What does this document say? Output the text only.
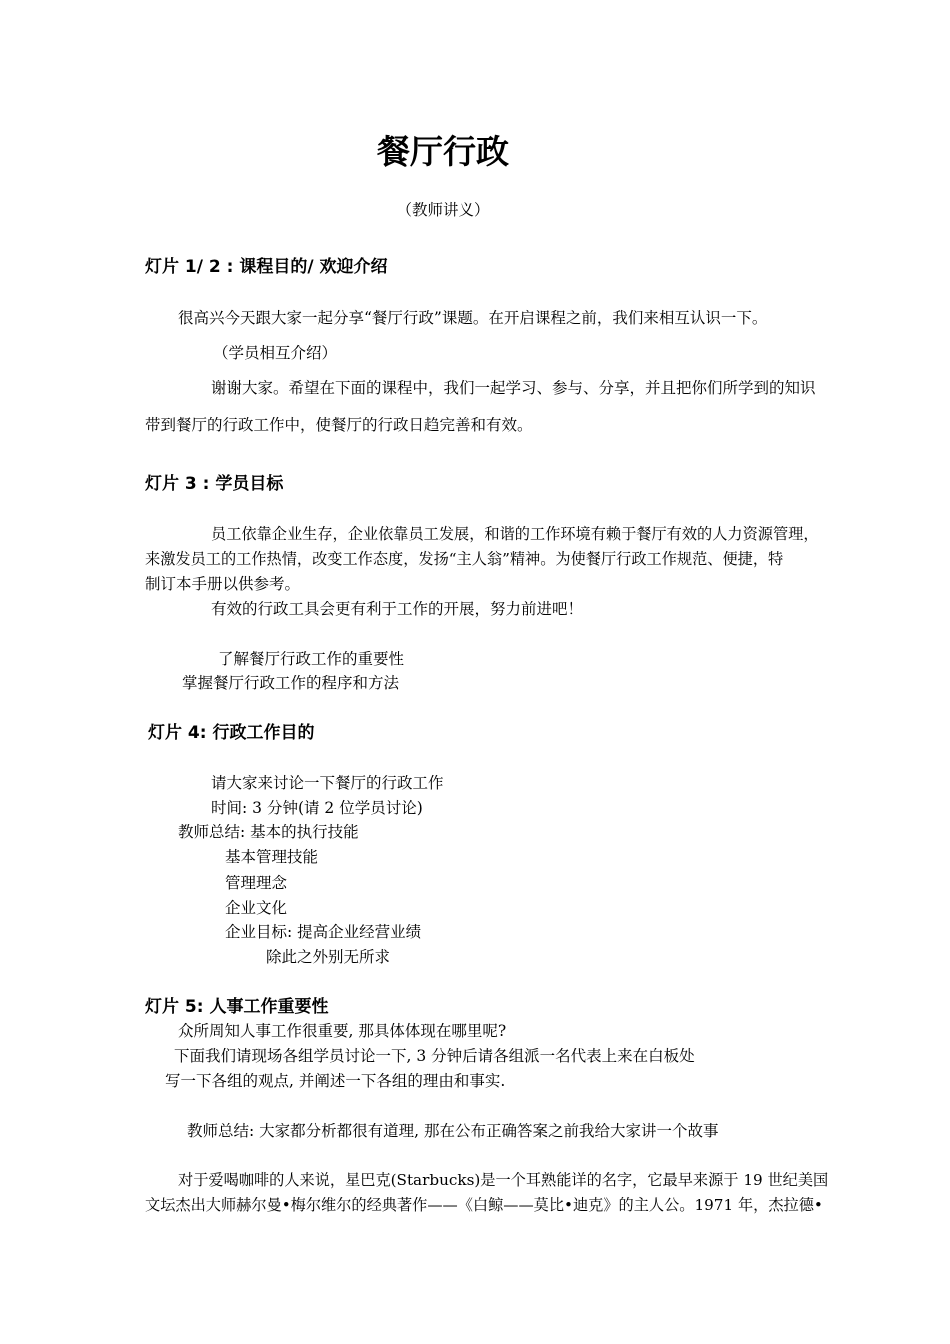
餐厅行政
（教师讲义）
灯片 1/ 2 : 课程目的/ 欢迎介绍
很高兴今天跟大家一起分享“餐厅行政”课题。在开启课程之前，我们来相互认识一下。
（学员相互介绍）
谢谢大家。希望在下面的课程中，我们一起学习、参与、分享，并且把你们所学到的知识
带到餐厅的行政工作中，使餐厅的行政日趋完善和有效。
灯片 3 : 学员目标
员工依靠企业生存，企业依靠员工发展，和谐的工作环境有赖于餐厅有效的人力资源管理，
来激发员工的工作热情，改变工作态度，发扬“主人翁”精神。为使餐厅行政工作规范、便捷，特
制订本手册以供参考。
有效的行政工具会更有利于工作的开展，努力前进吧！
了解餐厅行政工作的重要性
掌握餐厅行政工作的程序和方法
灯片 4: 行政工作目的
请大家来讨论一下餐厅的行政工作
时间: 3 分钟(请 2 位学员讨论)
教师总结: 基本的执行技能
基本管理技能
管理理念
企业文化
企业目标: 提高企业经营业绩
除此之外别无所求
灯片 5: 人事工作重要性
众所周知人事工作很重要, 那具体体现在哪里呢?
下面我们请现场各组学员讨论一下, 3 分钟后请各组派一名代表上来在白板处
写一下各组的观点, 并阐述一下各组的理由和事实.
教师总结: 大家都分析都很有道理, 那在公布正确答案之前我给大家讲一个故事
对于爱喝咖啡的人来说，星巴克(Starbucks)是一个耳熟能详的名字，它最早来源于 19 世纪美国
文坛杰出大师赫尔曼•梅尔维尔的经典著作——《白鲸——莫比•迪克》的主人公。1971 年，杰拉德•
